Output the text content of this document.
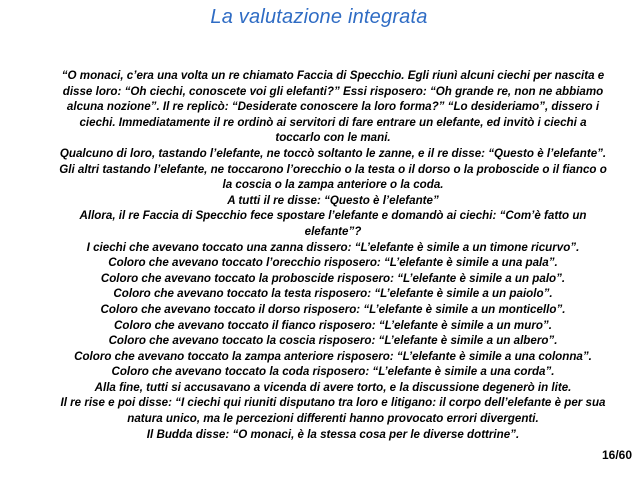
La valutazione integrata

“O monaci, c’era una volta un re chiamato Faccia di Specchio. Egli riunì alcuni ciechi per nascita e disse loro: “Oh ciechi, conoscete voi gli elefanti?” Essi risposero: “Oh grande re, non ne abbiamo alcuna nozione”. Il re replicò: “Desiderate conoscere la loro forma?” “Lo desideriamo”, dissero i ciechi. Immediatamente il re ordinò ai servitori di fare entrare un elefante, ed invitò i ciechi a toccarlo con le mani.

Qualcuno di loro, tastando l’elefante, ne toccò soltanto le zanne, e il re disse: “Questo è l’elefante”. Gli altri tastando l’elefante, ne toccarono l’orecchio o la testa o il dorso o la proboscide o il fianco o la coscia o la zampa anteriore o la coda.

A tutti il re disse: “Questo è l’elefante”

Allora, il re Faccia di Specchio fece spostare l’elefante e domandò ai ciechi: “Com’è fatto un elefante”?

I ciechi che avevano toccato una zanna dissero: “L’elefante è simile a un timone ricurvo”.

Coloro che avevano toccato l’orecchio risposero: “L’elefante è simile a una pala”.

Coloro che avevano toccato la proboscide risposero: “L’elefante è simile a un palo”.

Coloro che avevano toccato la testa risposero: “L’elefante è simile a un paiolo”.

Coloro che avevano toccato il dorso risposero: “L’elefante è simile a un monticello”.

Coloro che avevano toccato il fianco risposero: “L’elefante è simile a un muro”.

Coloro che avevano toccato la coscia risposero: “L’elefante è simile a un albero”.

Coloro che avevano toccato la zampa anteriore risposero: “L’elefante è simile a una colonna”.

Coloro che avevano toccato la coda risposero: “L’elefante è simile a una corda”.

Alla fine, tutti si accusavano a vicenda di avere torto, e la discussione degenerò in lite.

Il re rise e poi disse: “I ciechi qui riuniti disputano tra loro e litigano: il corpo dell’elefante è per sua natura unico, ma le percezioni differenti hanno provocato errori divergenti.

Il Budda disse: “O monaci, è la stessa cosa per le diverse dottrine”.

16/60
